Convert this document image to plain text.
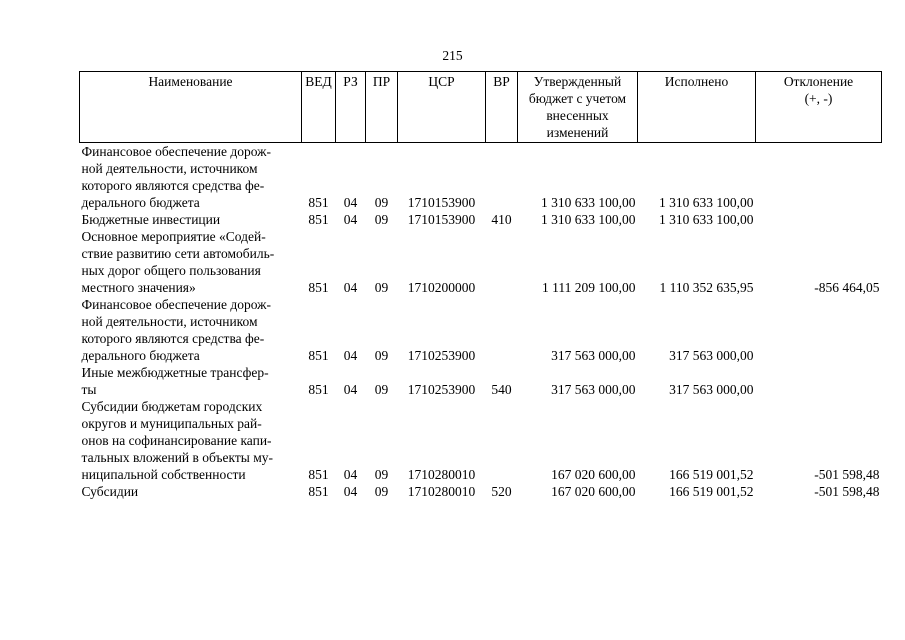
215
Наименование	ВЕД	РЗ	ПР	ЦСР	ВР	Утвержденный
бюджет с учетом
внесенных
изменений	Исполнено	Отклонение
(+, -)

Финансовое обеспечение дорож-
ной деятельности, источником
которого являются средства фе-
дерального бюджета	851	04	09	1710153900		1 310 633 100,00	1 310 633 100,00	

Бюджетные инвестиции	851	04	09	1710153900	410	1 310 633 100,00	1 310 633 100,00	

Основное мероприятие «Содей-
ствие развитию сети автомобиль-
ных дорог общего пользования
местного значения»	851	04	09	1710200000		1 111 209 100,00	1 110 352 635,95	-856 464,05

Финансовое обеспечение дорож-
ной деятельности, источником
которого являются средства фе-
дерального бюджета	851	04	09	1710253900		317 563 000,00	317 563 000,00	

Иные межбюджетные трансфер-
ты	851	04	09	1710253900	540	317 563 000,00	317 563 000,00	

Субсидии бюджетам городских
округов и муниципальных рай-
онов на софинансирование капи-
тальных вложений в объекты му-
ниципальной собственности	851	04	09	1710280010		167 020 600,00	166 519 001,52	-501 598,48

Субсидии	851	04	09	1710280010	520	167 020 600,00	166 519 001,52	-501 598,48
